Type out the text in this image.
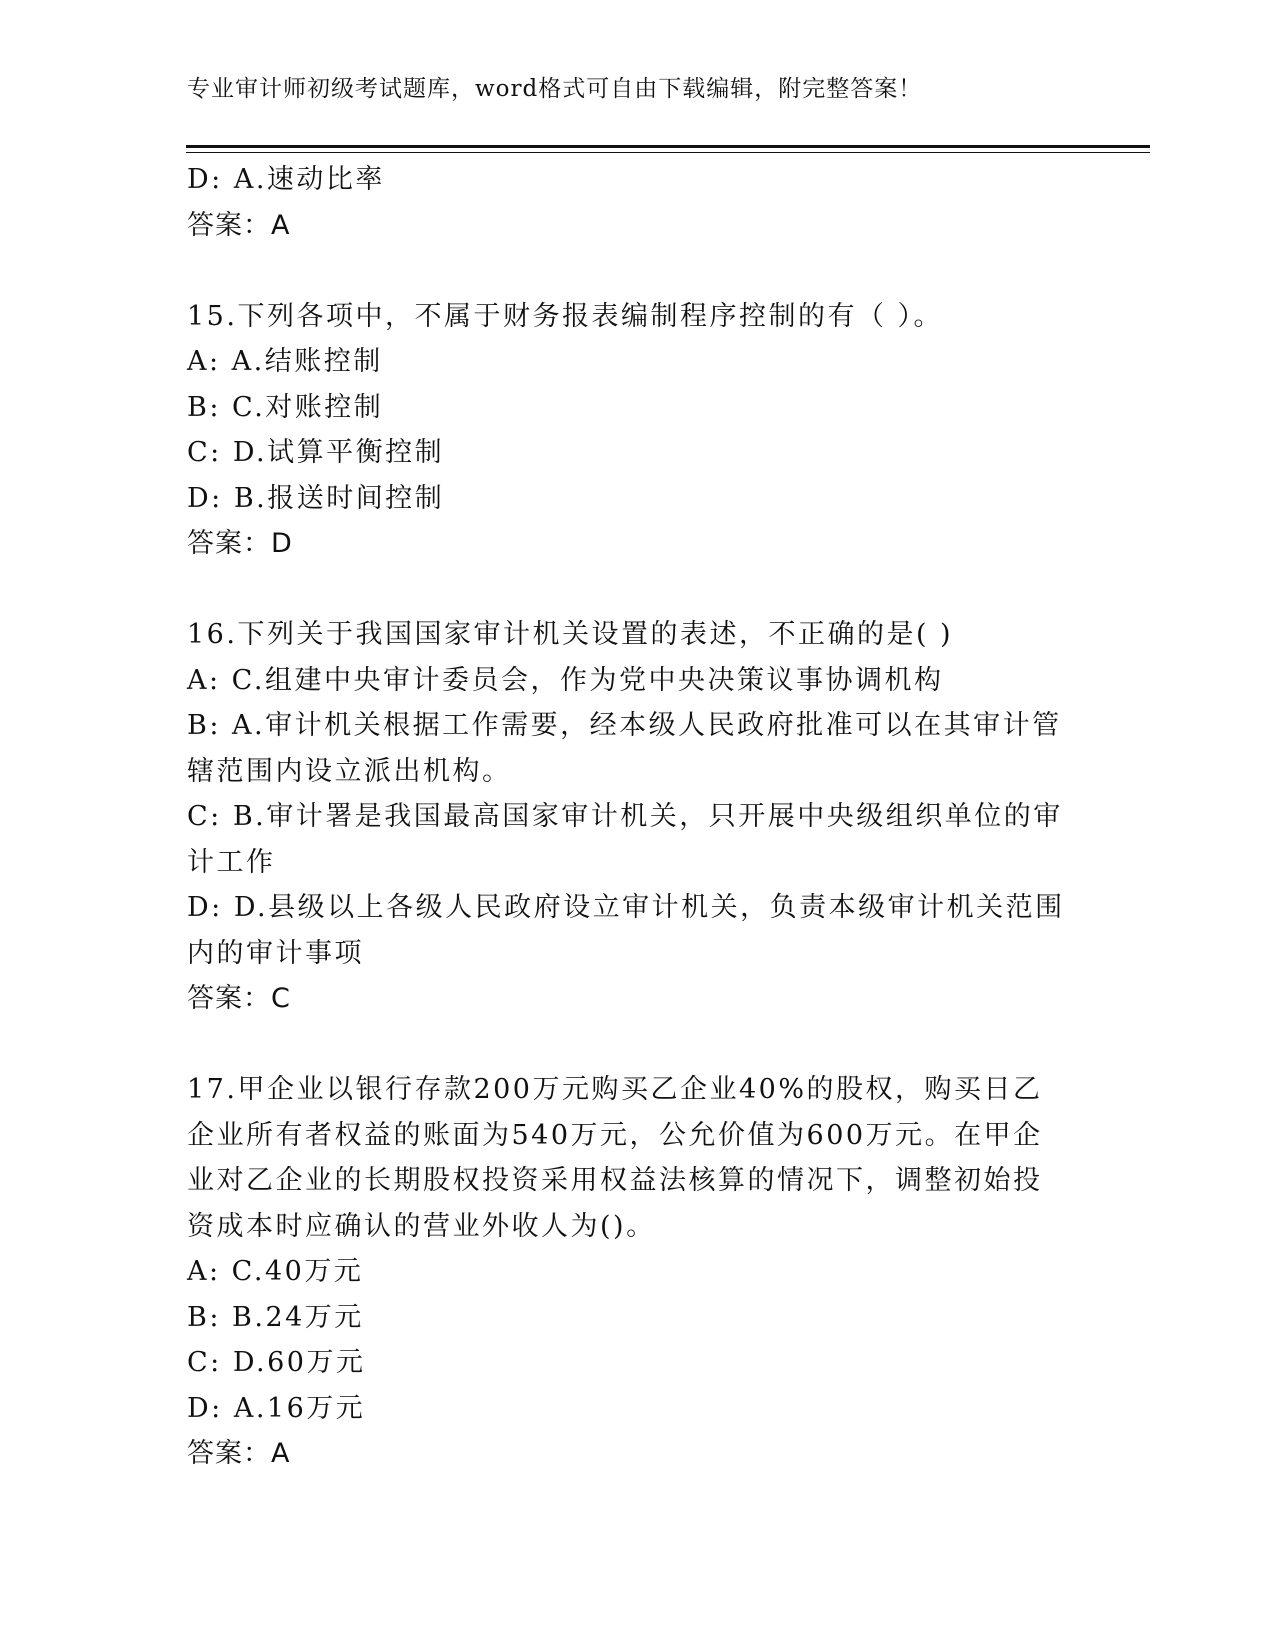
专业审计师初级考试题库，word格式可自由下载编辑，附完整答案！
D: A.速动比率
答案：A
15.下列各项中，不属于财务报表编制程序控制的有（ ）。
A: A.结账控制
B: C.对账控制
C: D.试算平衡控制
D: B.报送时间控制
答案：D
16.下列关于我国国家审计机关设置的表述，不正确的是( )
A: C.组建中央审计委员会，作为党中央决策议事协调机构
B: A.审计机关根据工作需要，经本级人民政府批准可以在其审计管辖范围内设立派出机构。
C: B.审计署是我国最高国家审计机关，只开展中央级组织单位的审计工作
D: D.县级以上各级人民政府设立审计机关，负责本级审计机关范围内的审计事项
答案：C
17.甲企业以银行存款200万元购买乙企业40%的股权，购买日乙企业所有者权益的账面为540万元，公允价值为600万元。在甲企业对乙企业的长期股权投资采用权益法核算的情况下，调整初始投资成本时应确认的营业外收人为()。
A: C.40万元
B: B.24万元
C: D.60万元
D: A.16万元
答案：A
